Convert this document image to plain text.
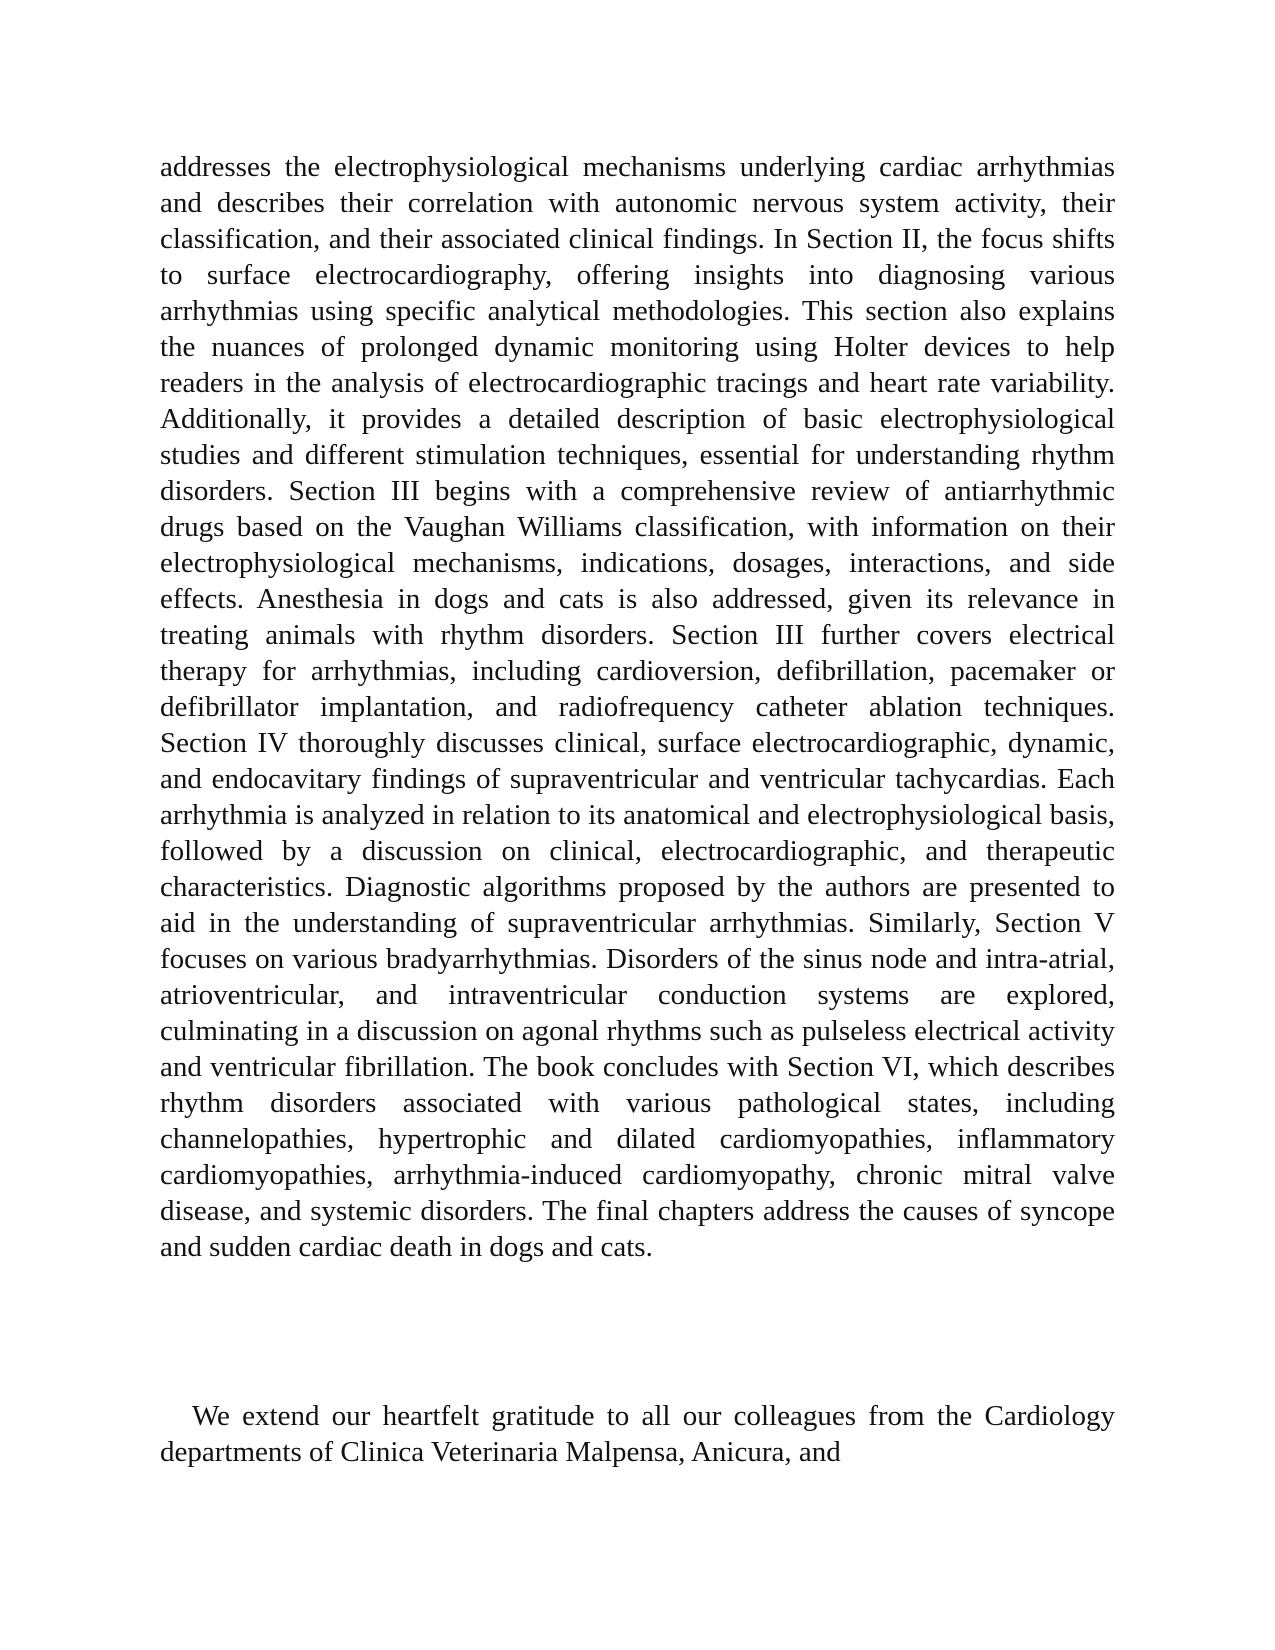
addresses the electrophysiological mechanisms underlying cardiac arrhythmias and describes their correlation with autonomic nervous system activity, their classification, and their associated clinical findings. In Section II, the focus shifts to surface electrocardiography, offering insights into diagnosing various arrhythmias using specific analytical methodologies. This section also explains the nuances of prolonged dynamic monitoring using Holter devices to help readers in the analysis of electrocardiographic tracings and heart rate variability. Additionally, it provides a detailed description of basic electrophysiological studies and different stimulation techniques, essential for understanding rhythm disorders. Section III begins with a comprehensive review of antiarrhythmic drugs based on the Vaughan Williams classification, with information on their electrophysiological mechanisms, indications, dosages, interactions, and side effects. Anesthesia in dogs and cats is also addressed, given its relevance in treating animals with rhythm disorders. Section III further covers electrical therapy for arrhythmias, including cardioversion, defibrillation, pacemaker or defibrillator implantation, and radiofrequency catheter ablation techniques. Section IV thoroughly discusses clinical, surface electrocardiographic, dynamic, and endocavitary findings of supraventricular and ventricular tachycardias. Each arrhythmia is analyzed in relation to its anatomical and electrophysiological basis, followed by a discussion on clinical, electrocardiographic, and therapeutic characteristics. Diagnostic algorithms proposed by the authors are presented to aid in the understanding of supraventricular arrhythmias. Similarly, Section V focuses on various bradyarrhythmias. Disorders of the sinus node and intra-atrial, atrioventricular, and intraventricular conduction systems are explored, culminating in a discussion on agonal rhythms such as pulseless electrical activity and ventricular fibrillation. The book concludes with Section VI, which describes rhythm disorders associated with various pathological states, including channelopathies, hypertrophic and dilated cardiomyopathies, inflammatory cardiomyopathies, arrhythmia-induced cardiomyopathy, chronic mitral valve disease, and systemic disorders. The final chapters address the causes of syncope and sudden cardiac death in dogs and cats.

We extend our heartfelt gratitude to all our colleagues from the Cardiology departments of Clinica Veterinaria Malpensa, Anicura, and
